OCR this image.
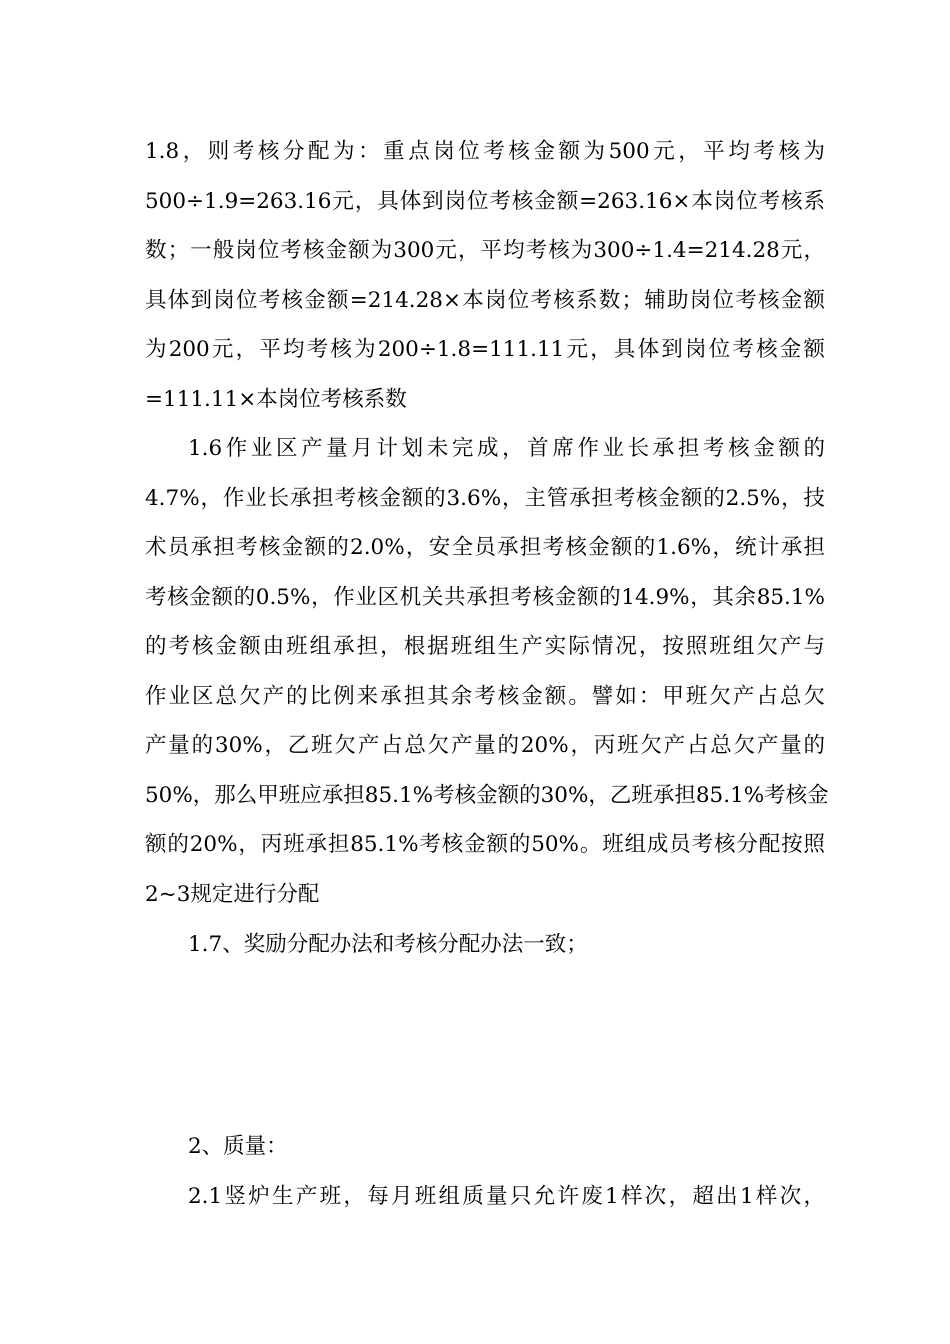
1.8，则考核分配为：重点岗位考核金额为500元，平均考核为
500÷1.9=263.16元，具体到岗位考核金额=263.16×本岗位考核系
数；一般岗位考核金额为300元，平均考核为300÷1.4=214.28元，
具体到岗位考核金额=214.28×本岗位考核系数；辅助岗位考核金额
为200元，平均考核为200÷1.8=111.11元，具体到岗位考核金额
=111.11×本岗位考核系数
1.6作业区产量月计划未完成，首席作业长承担考核金额的
4.7%，作业长承担考核金额的3.6%，主管承担考核金额的2.5%，技
术员承担考核金额的2.0%，安全员承担考核金额的1.6%，统计承担
考核金额的0.5%，作业区机关共承担考核金额的14.9%，其余85.1%
的考核金额由班组承担，根据班组生产实际情况，按照班组欠产与
作业区总欠产的比例来承担其余考核金额。譬如：甲班欠产占总欠
产量的30%，乙班欠产占总欠产量的20%，丙班欠产占总欠产量的
50%，那么甲班应承担85.1%考核金额的30%，乙班承担85.1%考核金
额的20%，丙班承担85.1%考核金额的50%。班组成员考核分配按照
2~3规定进行分配
1.7、奖励分配办法和考核分配办法一致；
2、质量：
2.1竖炉生产班，每月班组质量只允许废1样次，超出1样次，
